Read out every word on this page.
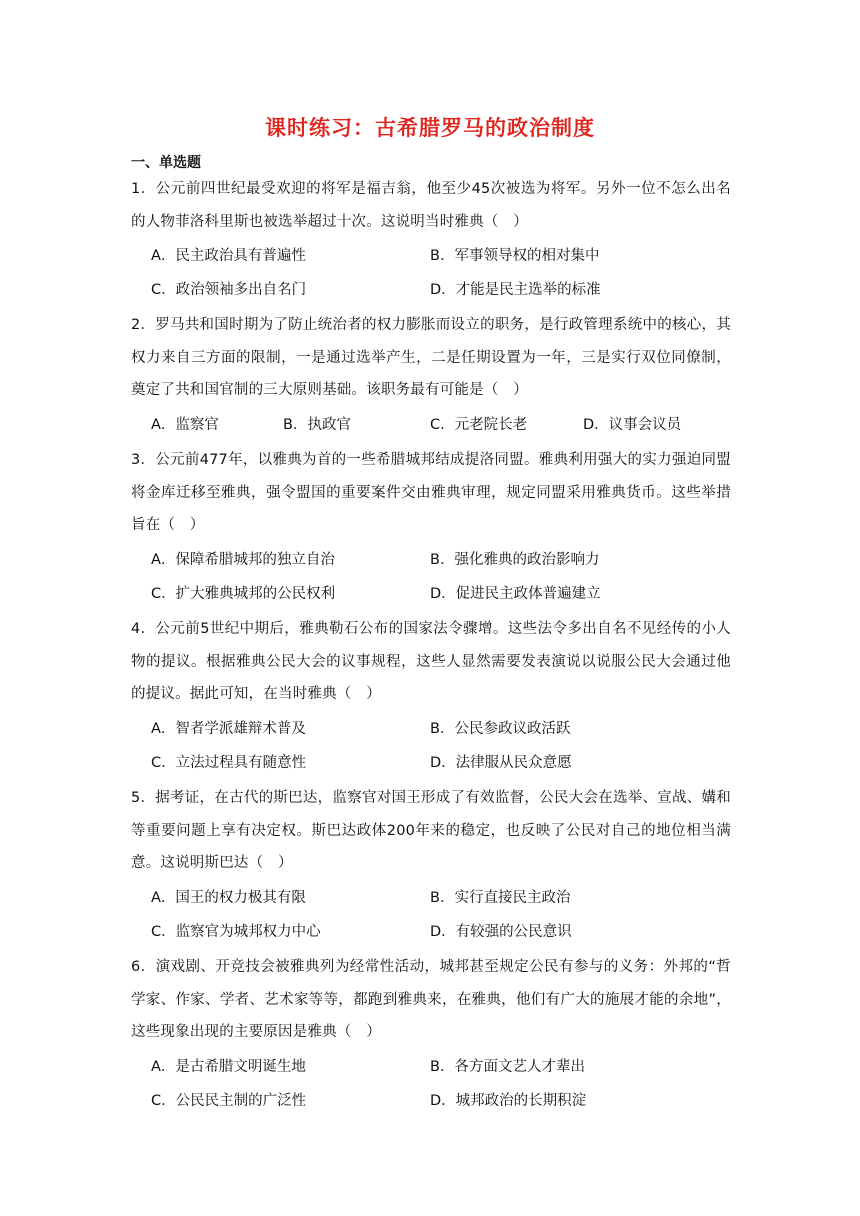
课时练习：古希腊罗马的政治制度
一、单选题
1．公元前四世纪最受欢迎的将军是福吉翁，他至少45次被选为将军。另外一位不怎么出名的人物菲洛科里斯也被选举超过十次。这说明当时雅典（　）
A．民主政治具有普遍性	B．军事领导权的相对集中
C．政治领袖多出自名门	D．才能是民主选举的标准
2．罗马共和国时期为了防止统治者的权力膨胀而设立的职务，是行政管理系统中的核心，其权力来自三方面的限制，一是通过选举产生，二是任期设置为一年，三是实行双位同僚制，奠定了共和国官制的三大原则基础。该职务最有可能是（　）
A．监察官	B．执政官	C．元老院长老	D．议事会议员
3．公元前477年，以雅典为首的一些希腊城邦结成提洛同盟。雅典利用强大的实力强迫同盟将金库迁移至雅典，强令盟国的重要案件交由雅典审理，规定同盟采用雅典货币。这些举措旨在（　）
A．保障希腊城邦的独立自治	B．强化雅典的政治影响力
C．扩大雅典城邦的公民权利	D．促进民主政体普遍建立
4．公元前5世纪中期后，雅典勒石公布的国家法令骤增。这些法令多出自名不见经传的小人物的提议。根据雅典公民大会的议事规程，这些人显然需要发表演说以说服公民大会通过他的提议。据此可知，在当时雅典（　）
A．智者学派雄辩术普及	B．公民参政议政活跃
C．立法过程具有随意性	D．法律服从民众意愿
5．据考证，在古代的斯巴达，监察官对国王形成了有效监督，公民大会在选举、宣战、媾和等重要问题上享有决定权。斯巴达政体200年来的稳定，也反映了公民对自己的地位相当满意。这说明斯巴达（　）
A．国王的权力极其有限	B．实行直接民主政治
C．监察官为城邦权力中心	D．有较强的公民意识
6．演戏剧、开竞技会被雅典列为经常性活动，城邦甚至规定公民有参与的义务：外邦的“哲学家、作家、学者、艺术家等等，都跑到雅典来，在雅典，他们有广大的施展才能的余地”，这些现象出现的主要原因是雅典（　）
A．是古希腊文明诞生地	B．各方面文艺人才辈出
C．公民民主制的广泛性	D．城邦政治的长期积淀
